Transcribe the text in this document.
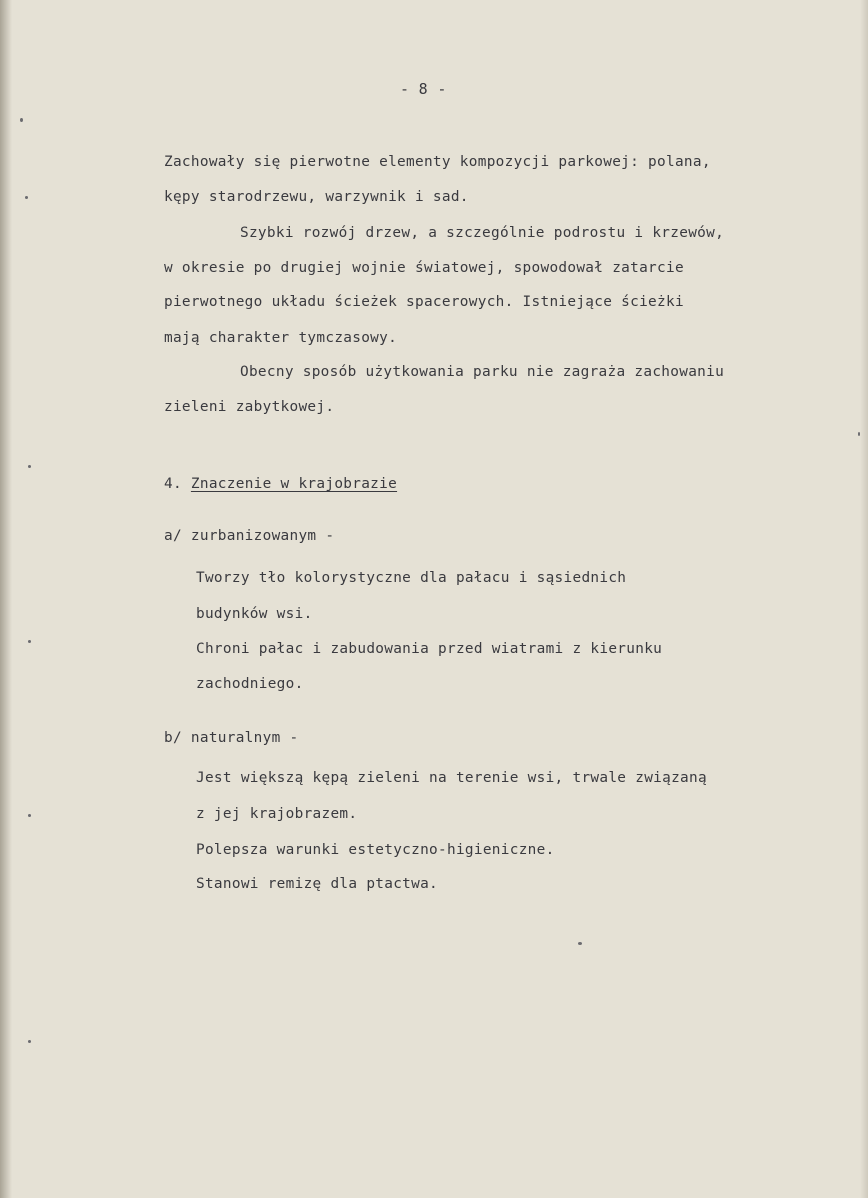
- 8 -
Zachowały się pierwotne elementy kompozycji parkowej: polana,
kępy starodrzewu, warzywnik i sad.
Szybki rozwój drzew, a szczególnie podrostu i krzewów,
w okresie po drugiej wojnie światowej, spowodował zatarcie
pierwotnego układu ścieżek spacerowych. Istniejące ścieżki
mają charakter tymczasowy.
Obecny sposób użytkowania parku nie zagraża zachowaniu
zieleni zabytkowej.
4. Znaczenie w krajobrazie
a/ zurbanizowanym -
Tworzy tło kolorystyczne dla pałacu i sąsiednich
budynków wsi.
Chroni pałac i zabudowania przed wiatrami z kierunku
zachodniego.
b/ naturalnym -
Jest większą kępą zieleni na terenie wsi, trwale związaną
z jej krajobrazem.
Polepsza warunki estetyczno-higieniczne.
Stanowi remizę dla ptactwa.
